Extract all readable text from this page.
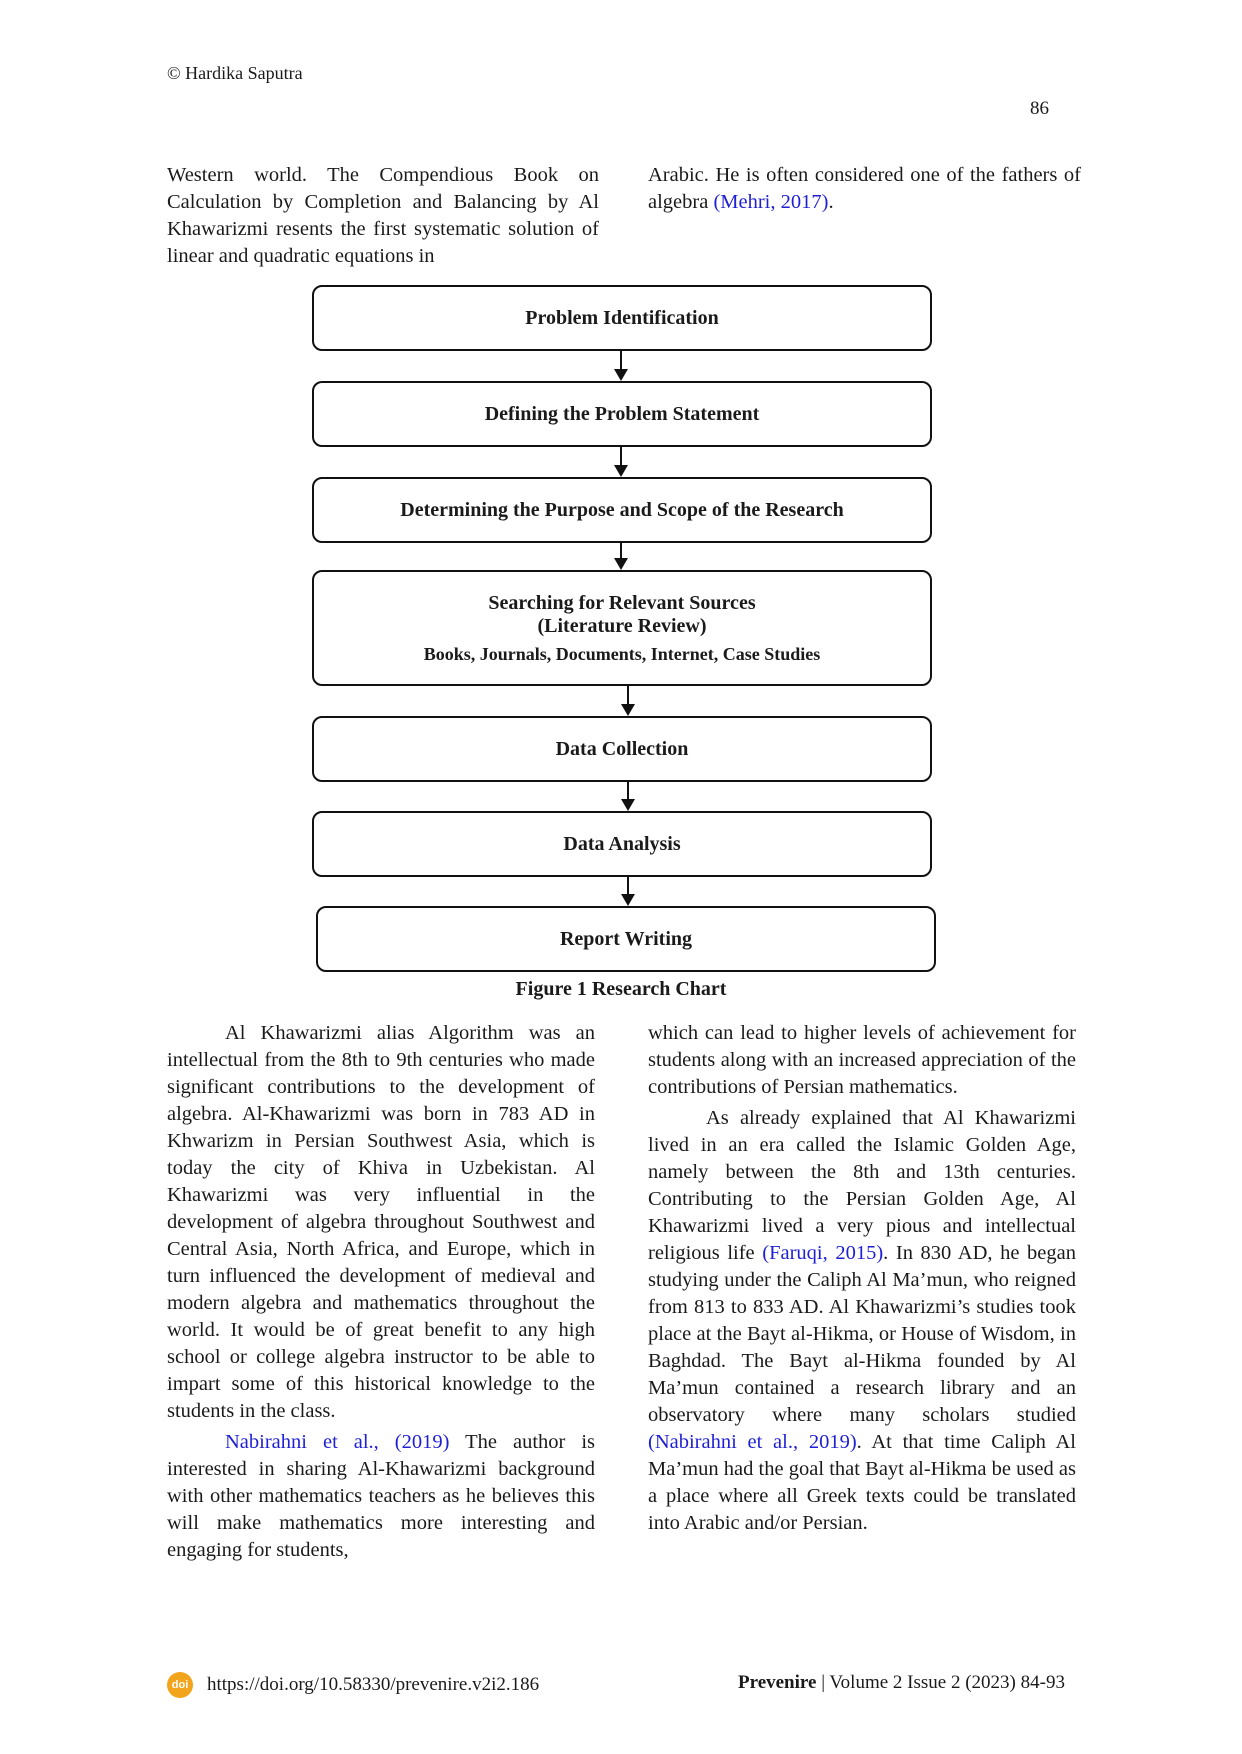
© Hardika Saputra
86

Western world. The Compendious Book on Calculation by Completion and Balancing by Al Khawarizmi resents the first systematic solution of linear and quadratic equations in

Arabic. He is often considered one of the fathers of algebra (Mehri, 2017).

Problem Identification
Defining the Problem Statement
Determining the Purpose and Scope of the Research
Searching for Relevant Sources
(Literature Review)
Books, Journals, Documents, Internet, Case Studies
Data Collection
Data Analysis
Report Writing
Figure 1 Research Chart

Al Khawarizmi alias Algorithm was an intellectual from the 8th to 9th centuries who made significant contributions to the development of algebra. Al-Khawarizmi was born in 783 AD in Khwarizm in Persian Southwest Asia, which is today the city of Khiva in Uzbekistan. Al Khawarizmi was very influential in the development of algebra throughout Southwest and Central Asia, North Africa, and Europe, which in turn influenced the development of medieval and modern algebra and mathematics throughout the world. It would be of great benefit to any high school or college algebra instructor to be able to impart some of this historical knowledge to the students in the class.

Nabirahni et al., (2019) The author is interested in sharing Al-Khawarizmi background with other mathematics teachers as he believes this will make mathematics more interesting and engaging for students,

which can lead to higher levels of achievement for students along with an increased appreciation of the contributions of Persian mathematics.

As already explained that Al Khawarizmi lived in an era called the Islamic Golden Age, namely between the 8th and 13th centuries. Contributing to the Persian Golden Age, Al Khawarizmi lived a very pious and intellectual religious life (Faruqi, 2015). In 830 AD, he began studying under the Caliph Al Ma’mun, who reigned from 813 to 833 AD. Al Khawarizmi’s studies took place at the Bayt al-Hikma, or House of Wisdom, in Baghdad. The Bayt al-Hikma founded by Al Ma’mun contained a research library and an observatory where many scholars studied (Nabirahni et al., 2019). At that time Caliph Al Ma’mun had the goal that Bayt al-Hikma be used as a place where all Greek texts could be translated into Arabic and/or Persian.

doi https://doi.org/10.58330/prevenire.v2i2.186	Prevenire | Volume 2 Issue 2 (2023) 84-93
